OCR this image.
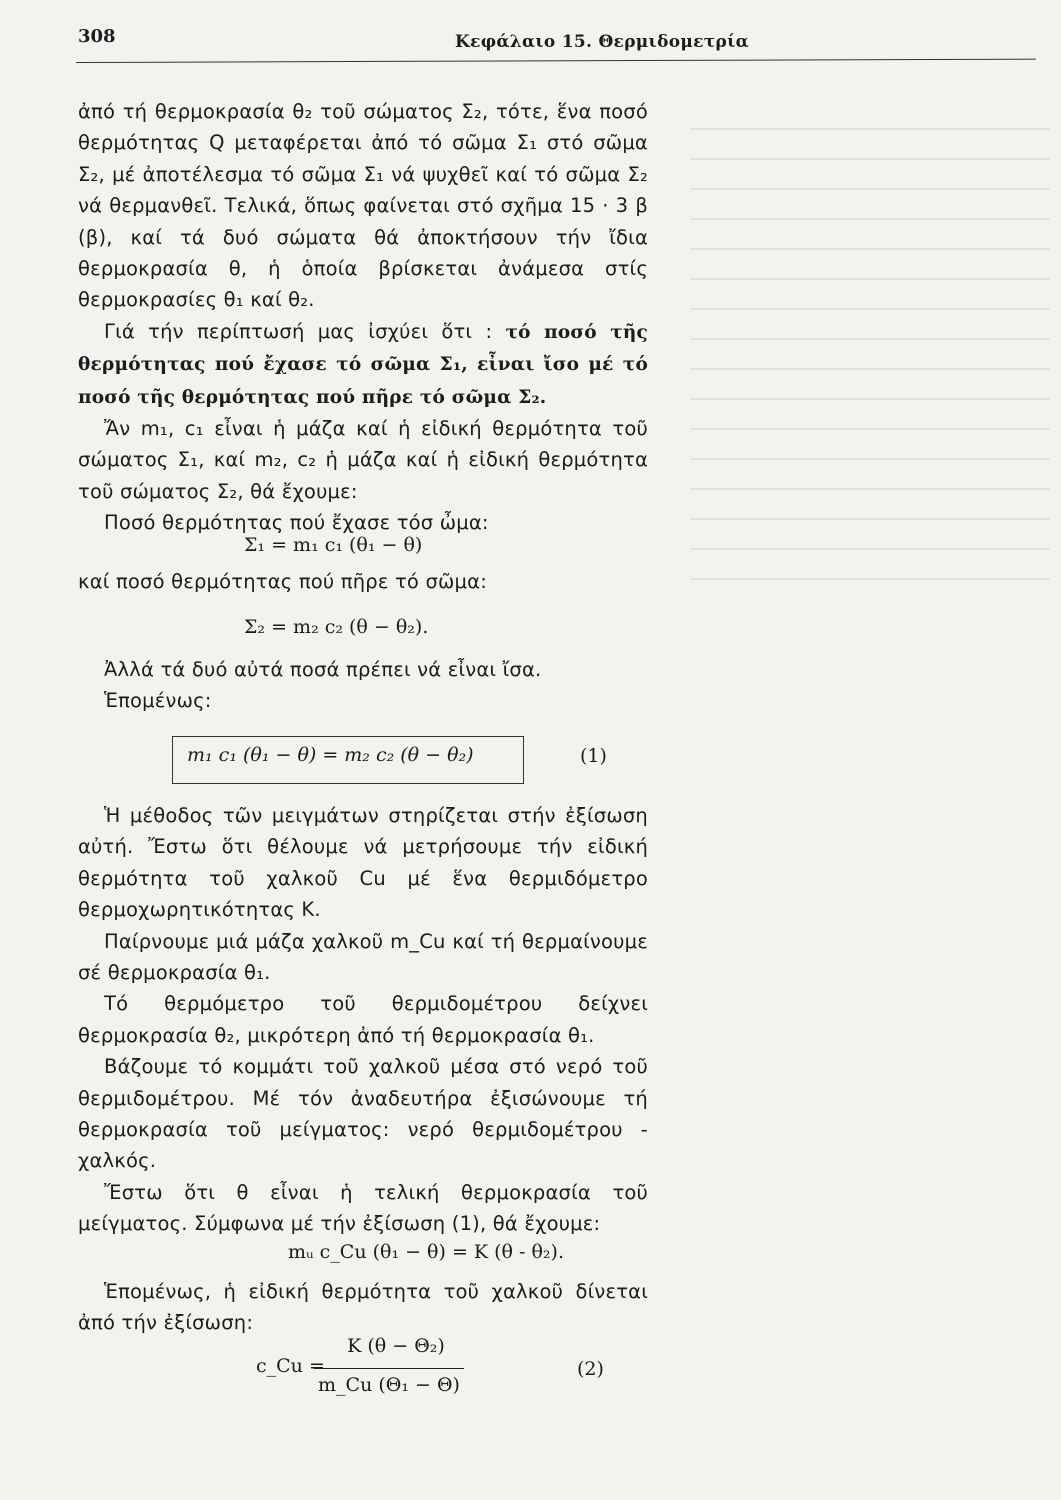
308	Κεφάλαιο 15. Θερμιδομετρία

ἀπό τή θερμοκρασία θ₂ τοῦ σώματος Σ₂, τότε, ἕνα ποσό θερμότητας Q μεταφέρεται ἀπό τό σῶμα Σ₁ στό σῶμα Σ₂, μέ ἀποτέλεσμα τό σῶμα Σ₁ νά ψυχθεῖ καί τό σῶμα Σ₂ νά θερμανθεῖ. Τελικά, ὅπως φαίνεται στό σχῆμα 15 · 3 β (β), καί τά δυό σώματα θά ἀποκτήσουν τήν ἴδια θερμοκρασία θ, ἡ ὁποία βρίσκεται ἀνάμεσα στίς θερμοκρασίες θ₁ καί θ₂.

Γιά τήν περίπτωσή μας ἰσχύει ὅτι : τό ποσό τῆς θερμότητας πού ἔχασε τό σῶμα Σ₁, εἶναι ἴσο μέ τό ποσό τῆς θερμότητας πού πῆρε τό σῶμα Σ₂.

Ἄν m₁, c₁ εἶναι ἡ μάζα καί ἡ εἰδική θερμότητα τοῦ σώματος Σ₁, καί m₂, c₂ ἡ μάζα καί ἡ εἰδική θερμότητα τοῦ σώματος Σ₂, θά ἔχουμε:

Ποσό θερμότητας πού ἔχασε τόσ ὦμα:

Σ₁ = m₁ c₁ (θ₁ − θ)

καί ποσό θερμότητας πού πῆρε τό σῶμα:

Σ₂ = m₂ c₂ (θ − θ₂).

Ἀλλά τά δυό αὐτά ποσά πρέπει νά εἶναι ἴσα.

Ἑπομένως:

m₁ c₁ (θ₁ − θ) = m₂ c₂ (θ − θ₂)	(1)

Ἡ μέθοδος τῶν μειγμάτων στηρίζεται στήν ἐξίσωση αὐτή. Ἔστω ὅτι θέλουμε νά μετρήσουμε τήν εἰδική θερμότητα τοῦ χαλκοῦ Cu μέ ἕνα θερμιδόμετρο θερμοχωρητικότητας Κ.

Παίρνουμε μιά μάζα χαλκοῦ m_Cu καί τή θερμαίνουμε σέ θερμοκρασία θ₁.

Τό θερμόμετρο τοῦ θερμιδομέτρου δείχνει θερμοκρασία θ₂, μικρότερη ἀπό τή θερμοκρασία θ₁.

Βάζουμε τό κομμάτι τοῦ χαλκοῦ μέσα στό νερό τοῦ θερμιδομέτρου. Μέ τόν ἀναδευτήρα ἐξισώνουμε τή θερμοκρασία τοῦ μείγματος: νερό θερμιδομέτρου - χαλκός.

Ἔστω ὅτι θ εἶναι ἡ τελική θερμοκρασία τοῦ μείγματος. Σύμφωνα μέ τήν ἐξίσωση (1), θά ἔχουμε:

mᵤ c_Cu (θ₁ − θ) = Κ (θ - θ₂).

Ἑπομένως, ἡ εἰδική θερμότητα τοῦ χαλκοῦ δίνεται ἀπό τήν ἐξίσωση:

c_Cu =
Κ (θ − Θ₂)
m_Cu (Θ₁ − Θ)
(2)
